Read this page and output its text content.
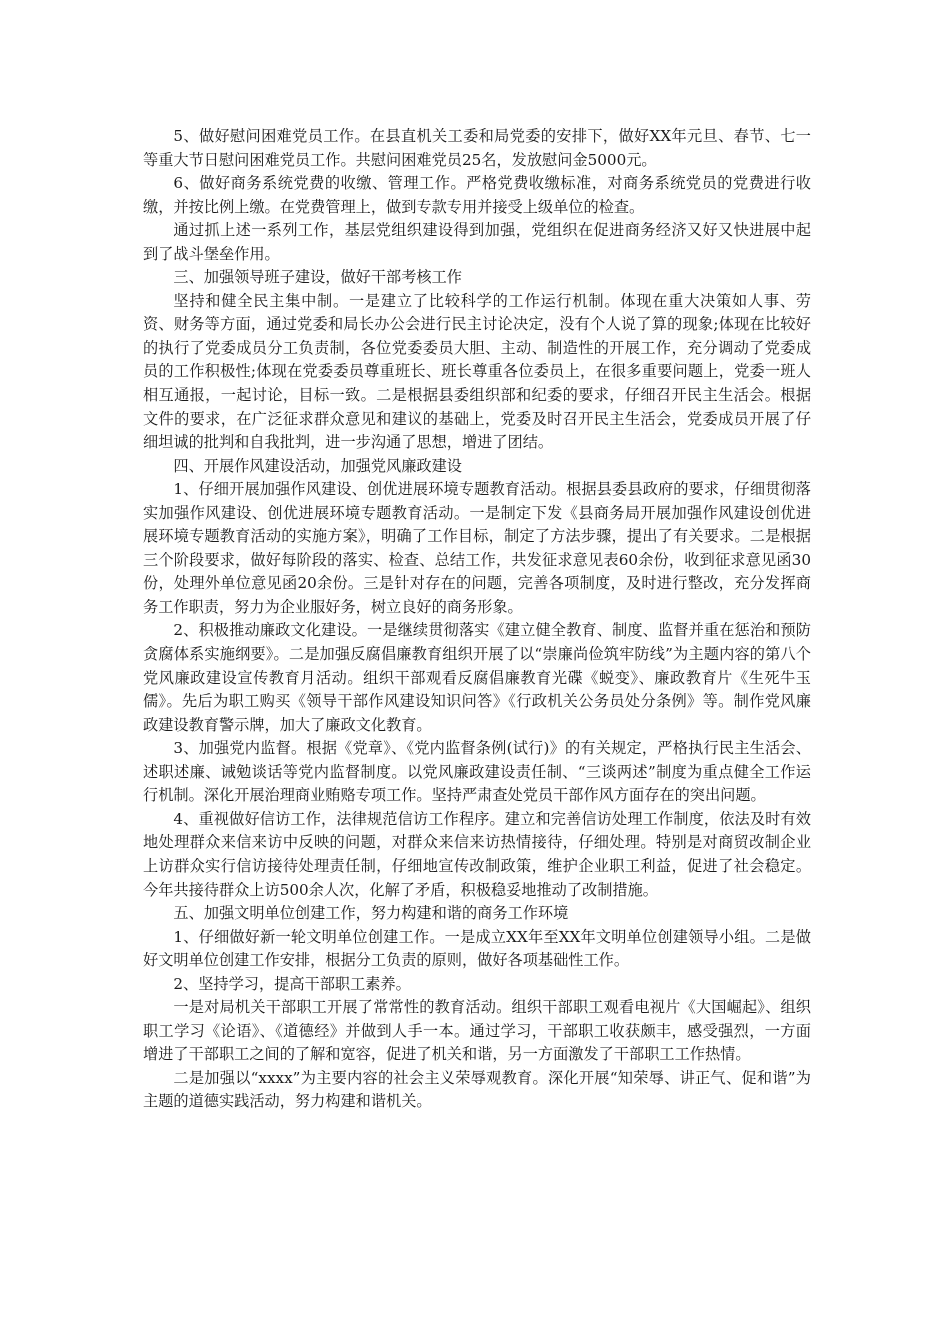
5、做好慰问困难党员工作。在县直机关工委和局党委的安排下，做好XX年元旦、春节、七一等重大节日慰问困难党员工作。共慰问困难党员25名，发放慰问金5000元。

6、做好商务系统党费的收缴、管理工作。严格党费收缴标准，对商务系统党员的党费进行收缴，并按比例上缴。在党费管理上，做到专款专用并接受上级单位的检查。

通过抓上述一系列工作，基层党组织建设得到加强，党组织在促进商务经济又好又快进展中起到了战斗堡垒作用。

三、加强领导班子建设，做好干部考核工作

坚持和健全民主集中制。一是建立了比较科学的工作运行机制。体现在重大决策如人事、劳资、财务等方面，通过党委和局长办公会进行民主讨论决定，没有个人说了算的现象;体现在比较好的执行了党委成员分工负责制，各位党委委员大胆、主动、制造性的开展工作，充分调动了党委成员的工作积极性;体现在党委委员尊重班长、班长尊重各位委员上，在很多重要问题上，党委一班人相互通报，一起讨论，目标一致。二是根据县委组织部和纪委的要求，仔细召开民主生活会。根据文件的要求，在广泛征求群众意见和建议的基础上，党委及时召开民主生活会，党委成员开展了仔细坦诚的批判和自我批判，进一步沟通了思想，增进了团结。

四、开展作风建设活动，加强党风廉政建设

1、仔细开展加强作风建设、创优进展环境专题教育活动。根据县委县政府的要求，仔细贯彻落实加强作风建设、创优进展环境专题教育活动。一是制定下发《县商务局开展加强作风建设创优进展环境专题教育活动的实施方案》，明确了工作目标，制定了方法步骤，提出了有关要求。二是根据三个阶段要求，做好每阶段的落实、检查、总结工作，共发征求意见表60余份，收到征求意见函30份，处理外单位意见函20余份。三是针对存在的问题，完善各项制度，及时进行整改，充分发挥商务工作职责，努力为企业服好务，树立良好的商务形象。

2、积极推动廉政文化建设。一是继续贯彻落实《建立健全教育、制度、监督并重在惩治和预防贪腐体系实施纲要》。二是加强反腐倡廉教育组织开展了以“崇廉尚俭筑牢防线”为主题内容的第八个党风廉政建设宣传教育月活动。组织干部观看反腐倡廉教育光碟《蜕变》、廉政教育片《生死牛玉儒》。先后为职工购买《领导干部作风建设知识问答》《行政机关公务员处分条例》等。制作党风廉政建设教育警示牌，加大了廉政文化教育。

3、加强党内监督。根据《党章》、《党内监督条例(试行)》的有关规定，严格执行民主生活会、述职述廉、诫勉谈话等党内监督制度。以党风廉政建设责任制、“三谈两述”制度为重点健全工作运行机制。深化开展治理商业贿赂专项工作。坚持严肃查处党员干部作风方面存在的突出问题。

4、重视做好信访工作，法律规范信访工作程序。建立和完善信访处理工作制度，依法及时有效地处理群众来信来访中反映的问题，对群众来信来访热情接待，仔细处理。特别是对商贸改制企业上访群众实行信访接待处理责任制，仔细地宣传改制政策，维护企业职工利益，促进了社会稳定。今年共接待群众上访500余人次，化解了矛盾，积极稳妥地推动了改制措施。

五、加强文明单位创建工作，努力构建和谐的商务工作环境

1、仔细做好新一轮文明单位创建工作。一是成立XX年至XX年文明单位创建领导小组。二是做好文明单位创建工作安排，根据分工负责的原则，做好各项基础性工作。

2、坚持学习，提高干部职工素养。

一是对局机关干部职工开展了常常性的教育活动。组织干部职工观看电视片《大国崛起》、组织职工学习《论语》、《道德经》并做到人手一本。通过学习，干部职工收获颇丰，感受强烈，一方面增进了干部职工之间的了解和宽容，促进了机关和谐，另一方面激发了干部职工工作热情。

二是加强以“xxxx”为主要内容的社会主义荣辱观教育。深化开展“知荣辱、讲正气、促和谐”为主题的道德实践活动，努力构建和谐机关。
